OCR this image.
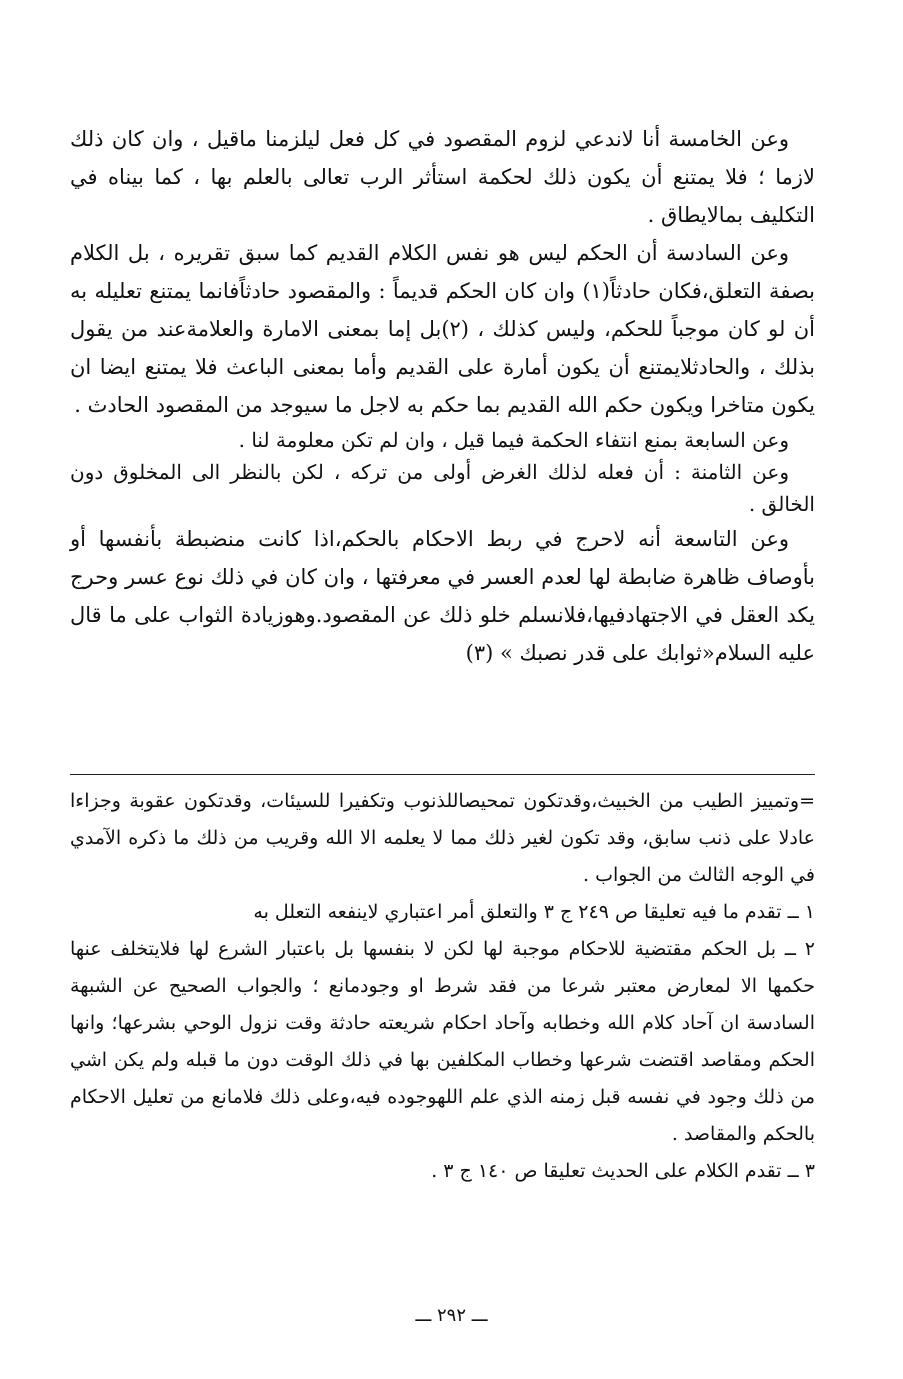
وعن الخامسة أنا لاندعي لزوم المقصود في كل فعل ليلزمنا ماقيل ، وان كان ذلك لازما ؛ فلا يمتنع أن يكون ذلك لحكمة استأثر الرب تعالى بالعلم بها ، كما بيناه في التكليف بمالايطاق .

وعن السادسة أن الحكم ليس هو نفس الكلام القديم كما سبق تقريره ، بل الكلام بصفة التعلق،فكان حادثاً(١) وان كان الحكم قديماً : والمقصود حادثاًفانما يمتنع تعليله به أن لو كان موجباً للحكم، وليس كذلك ، (٢)بل إما بمعنى الامارة والعلامةعند من يقول بذلك ، والحادثلايمتنع أن يكون أمارة على القديم وأما بمعنى الباعث فلا يمتنع ايضا ان يكون متاخرا ويكون حكم الله القديم بما حكم به لاجل ما سيوجد من المقصود الحادث .

وعن السابعة بمنع انتفاء الحكمة فيما قيل ، وان لم تكن معلومة لنا .

وعن الثامنة : أن فعله لذلك الغرض أولى من تركه ، لكن بالنظر الى المخلوق دون الخالق .

وعن التاسعة أنه لاحرج في ربط الاحكام بالحكم،اذا كانت منضبطة بأنفسها أو بأوصاف ظاهرة ضابطة لها لعدم العسر في معرفتها ، وان كان في ذلك نوع عسر وحرج يكد العقل في الاجتهادفيها،فلانسلم خلو ذلك عن المقصود.وهوزيادة الثواب على ما قال عليه السلام«ثوابك على قدر نصبك » (٣)

=وتمييز الطيب من الخبيث،وقدتكون تمحيصاللذنوب وتكفيرا للسيئات، وقدتكون عقوبة وجزاءا عادلا على ذنب سابق، وقد تكون لغير ذلك مما لا يعلمه الا الله وقريب من ذلك ما ذكره الآمدي في الوجه الثالث من الجواب .

١ ــ تقدم ما فيه تعليقا ص ٢٤٩ ج ٣ والتعلق أمر اعتباري لاينفعه التعلل به

٢ ــ بل الحكم مقتضية للاحكام موجبة لها لكن لا بنفسها بل باعتبار الشرع لها فلايتخلف عنها حكمها الا لمعارض معتبر شرعا من فقد شرط او وجودمانع ؛ والجواب الصحيح عن الشبهة السادسة ان آحاد كلام الله وخطابه وآحاد احكام شريعته حادثة وقت نزول الوحي بشرعها؛ وانها الحكم ومقاصد اقتضت شرعها وخطاب المكلفين بها في ذلك الوقت دون ما قبله ولم يكن اشي من ذلك وجود في نفسه قبل زمنه الذي علم اللهوجوده فيه،وعلى ذلك فلامانع من تعليل الاحكام بالحكم والمقاصد .

٣ ــ تقدم الكلام على الحديث تعليقا ص ١٤٠ ج ٣ .

ـــ ٢٩٢ ـــ
